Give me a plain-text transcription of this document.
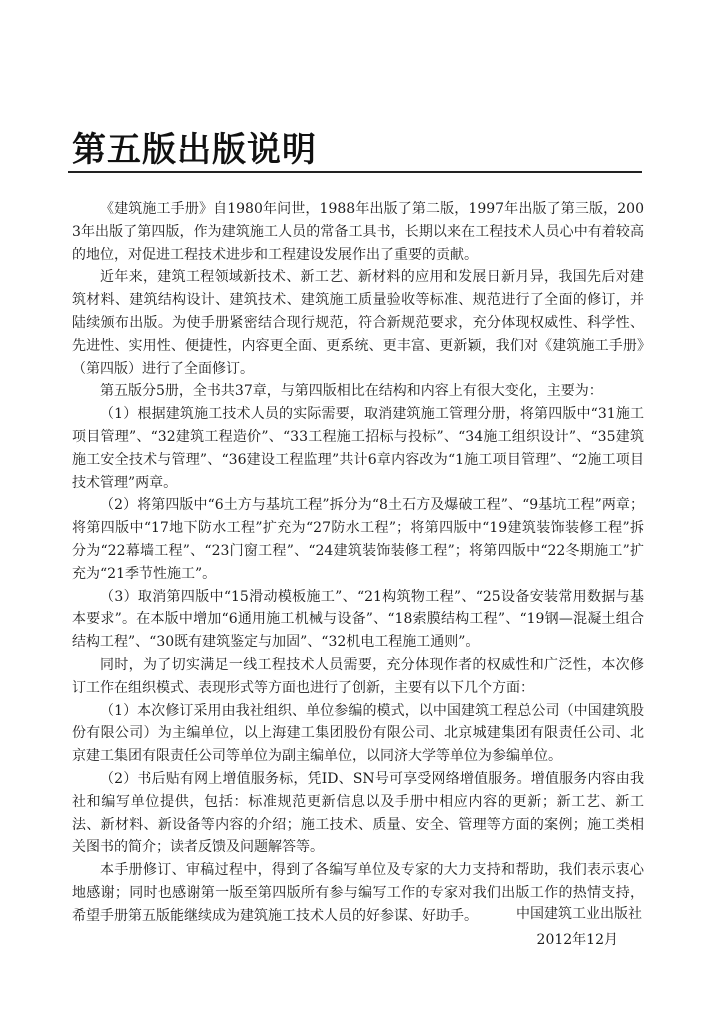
第五版出版说明

《建筑施工手册》自1980年问世，1988年出版了第二版，1997年出版了第三版，2003年出版了第四版，作为建筑施工人员的常备工具书，长期以来在工程技术人员心中有着较高的地位，对促进工程技术进步和工程建设发展作出了重要的贡献。

近年来，建筑工程领域新技术、新工艺、新材料的应用和发展日新月异，我国先后对建筑材料、建筑结构设计、建筑技术、建筑施工质量验收等标准、规范进行了全面的修订，并陆续颁布出版。为使手册紧密结合现行规范，符合新规范要求，充分体现权威性、科学性、先进性、实用性、便捷性，内容更全面、更系统、更丰富、更新颖，我们对《建筑施工手册》（第四版）进行了全面修订。

第五版分5册，全书共37章，与第四版相比在结构和内容上有很大变化，主要为：

（1）根据建筑施工技术人员的实际需要，取消建筑施工管理分册，将第四版中“31施工项目管理”、“32建筑工程造价”、“33工程施工招标与投标”、“34施工组织设计”、“35建筑施工安全技术与管理”、“36建设工程监理”共计6章内容改为“1施工项目管理”、“2施工项目技术管理”两章。

（2）将第四版中“6土方与基坑工程”拆分为“8土石方及爆破工程”、“9基坑工程”两章；将第四版中“17地下防水工程”扩充为“27防水工程”；将第四版中“19建筑装饰装修工程”拆分为“22幕墙工程”、“23门窗工程”、“24建筑装饰装修工程”；将第四版中“22冬期施工”扩充为“21季节性施工”。

（3）取消第四版中“15滑动模板施工”、“21构筑物工程”、“25设备安装常用数据与基本要求”。在本版中增加“6通用施工机械与设备”、“18索膜结构工程”、“19钢—混凝土组合结构工程”、“30既有建筑鉴定与加固”、“32机电工程施工通则”。

同时，为了切实满足一线工程技术人员需要，充分体现作者的权威性和广泛性，本次修订工作在组织模式、表现形式等方面也进行了创新，主要有以下几个方面：

（1）本次修订采用由我社组织、单位参编的模式，以中国建筑工程总公司（中国建筑股份有限公司）为主编单位，以上海建工集团股份有限公司、北京城建集团有限责任公司、北京建工集团有限责任公司等单位为副主编单位，以同济大学等单位为参编单位。

（2）书后贴有网上增值服务标，凭ID、SN号可享受网络增值服务。增值服务内容由我社和编写单位提供，包括：标准规范更新信息以及手册中相应内容的更新；新工艺、新工法、新材料、新设备等内容的介绍；施工技术、质量、安全、管理等方面的案例；施工类相关图书的简介；读者反馈及问题解答等。

本手册修订、审稿过程中，得到了各编写单位及专家的大力支持和帮助，我们表示衷心地感谢；同时也感谢第一版至第四版所有参与编写工作的专家对我们出版工作的热情支持，希望手册第五版能继续成为建筑施工技术人员的好参谋、好助手。	中国建筑工业出版社
2012年12月
